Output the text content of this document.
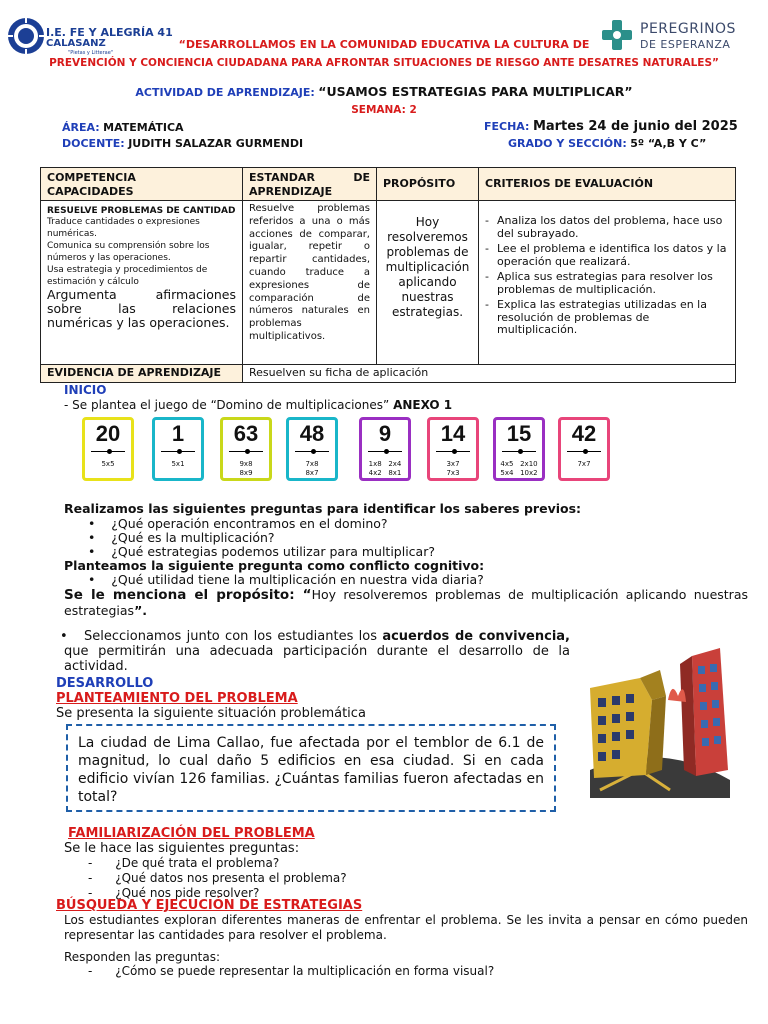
I.E. FE Y ALEGRÍA 41
CALASANZ
"Pietas y Litterae"
PEREGRINOS
DE ESPERANZA
“DESARROLLAMOS EN LA COMUNIDAD EDUCATIVA LA CULTURA DE
PREVENCIÓN Y CONCIENCIA CIUDADANA PARA AFRONTAR SITUACIONES DE RIESGO ANTE DESATRES NATURALES”
ACTIVIDAD DE APRENDIZAJE: “USAMOS ESTRATEGIAS PARA MULTIPLICAR”
SEMANA: 2
ÁREA: MATEMÁTICA
DOCENTE: JUDITH SALAZAR GURMENDI
FECHA: Martes 24 de junio del 2025
GRADO Y SECCIÓN: 5º “A,B Y C”
COMPETENCIA
CAPACIDADES
ESTANDAR DE APRENDIZAJE
PROPÓSITO	CRITERIOS DE EVALUACIÓN
RESUELVE PROBLEMAS DE CANTIDAD
Traduce cantidades o expresiones numéricas.
Comunica su comprensión sobre los números y las operaciones.
Usa estrategia y procedimientos de estimación y cálculo
Argumenta afirmaciones sobre las relaciones numéricas y las operaciones.
Resuelve problemas referidos a una o más acciones de comparar, igualar, repetir o repartir cantidades, cuando traduce a expresiones de comparación de números naturales en problemas multiplicativos.
Hoy resolveremos problemas de multiplicación aplicando nuestras estrategias.
- Analiza los datos del problema, hace uso del subrayado.
- Lee el problema e identifica los datos y la operación que realizará.
- Aplica sus estrategias para resolver los problemas de multiplicación.
- Explica las estrategias utilizadas en la resolución de problemas de multiplicación.
EVIDENCIA DE APRENDIZAJE	Resuelven su ficha de aplicación
INICIO
- Se plantea el juego de “Domino de multiplicaciones” ANEXO 1
20
5x5
1
5x1
63
9x8
8x9
48
7x8
8x7
9
1x8   2x4
4x2   8x1
14
3x7
7x3
15
4x5   2x10
5x4   10x2
42
7x7
Realizamos las siguientes preguntas para identificar los saberes previos:
•    ¿Qué operación encontramos en el domino?
•    ¿Qué es la multiplicación?
•    ¿Qué estrategias podemos utilizar para multiplicar?
Planteamos la siguiente pregunta como conflicto cognitivo:
•    ¿Qué utilidad tiene la multiplicación en nuestra vida diaria?
Se le menciona el propósito: “Hoy resolveremos problemas de multiplicación aplicando nuestras estrategias”.
• Seleccionamos junto con los estudiantes los acuerdos de convivencia, que permitirán una adecuada participación durante el desarrollo de la actividad.
DESARROLLO
PLANTEAMIENTO DEL PROBLEMA
Se presenta la siguiente situación problemática
La ciudad de Lima Callao, fue afectada por el temblor de 6.1 de magnitud, lo cual daño 5 edificios en esa ciudad. Si en cada edificio vivían 126 familias. ¿Cuántas familias fueron afectadas en total?
FAMILIARIZACIÓN DEL PROBLEMA
Se le hace las siguientes preguntas:
-      ¿De qué trata el problema?
-      ¿Qué datos nos presenta el problema?
-      ¿Qué nos pide resolver?
BÚSQUEDA Y EJECUCIÓN DE ESTRATEGIAS
Los estudiantes exploran diferentes maneras de enfrentar el problema. Se les invita a pensar en cómo pueden representar las cantidades para resolver el problema.
Responden las preguntas:
-      ¿Cómo se puede representar la multiplicación en forma visual?
